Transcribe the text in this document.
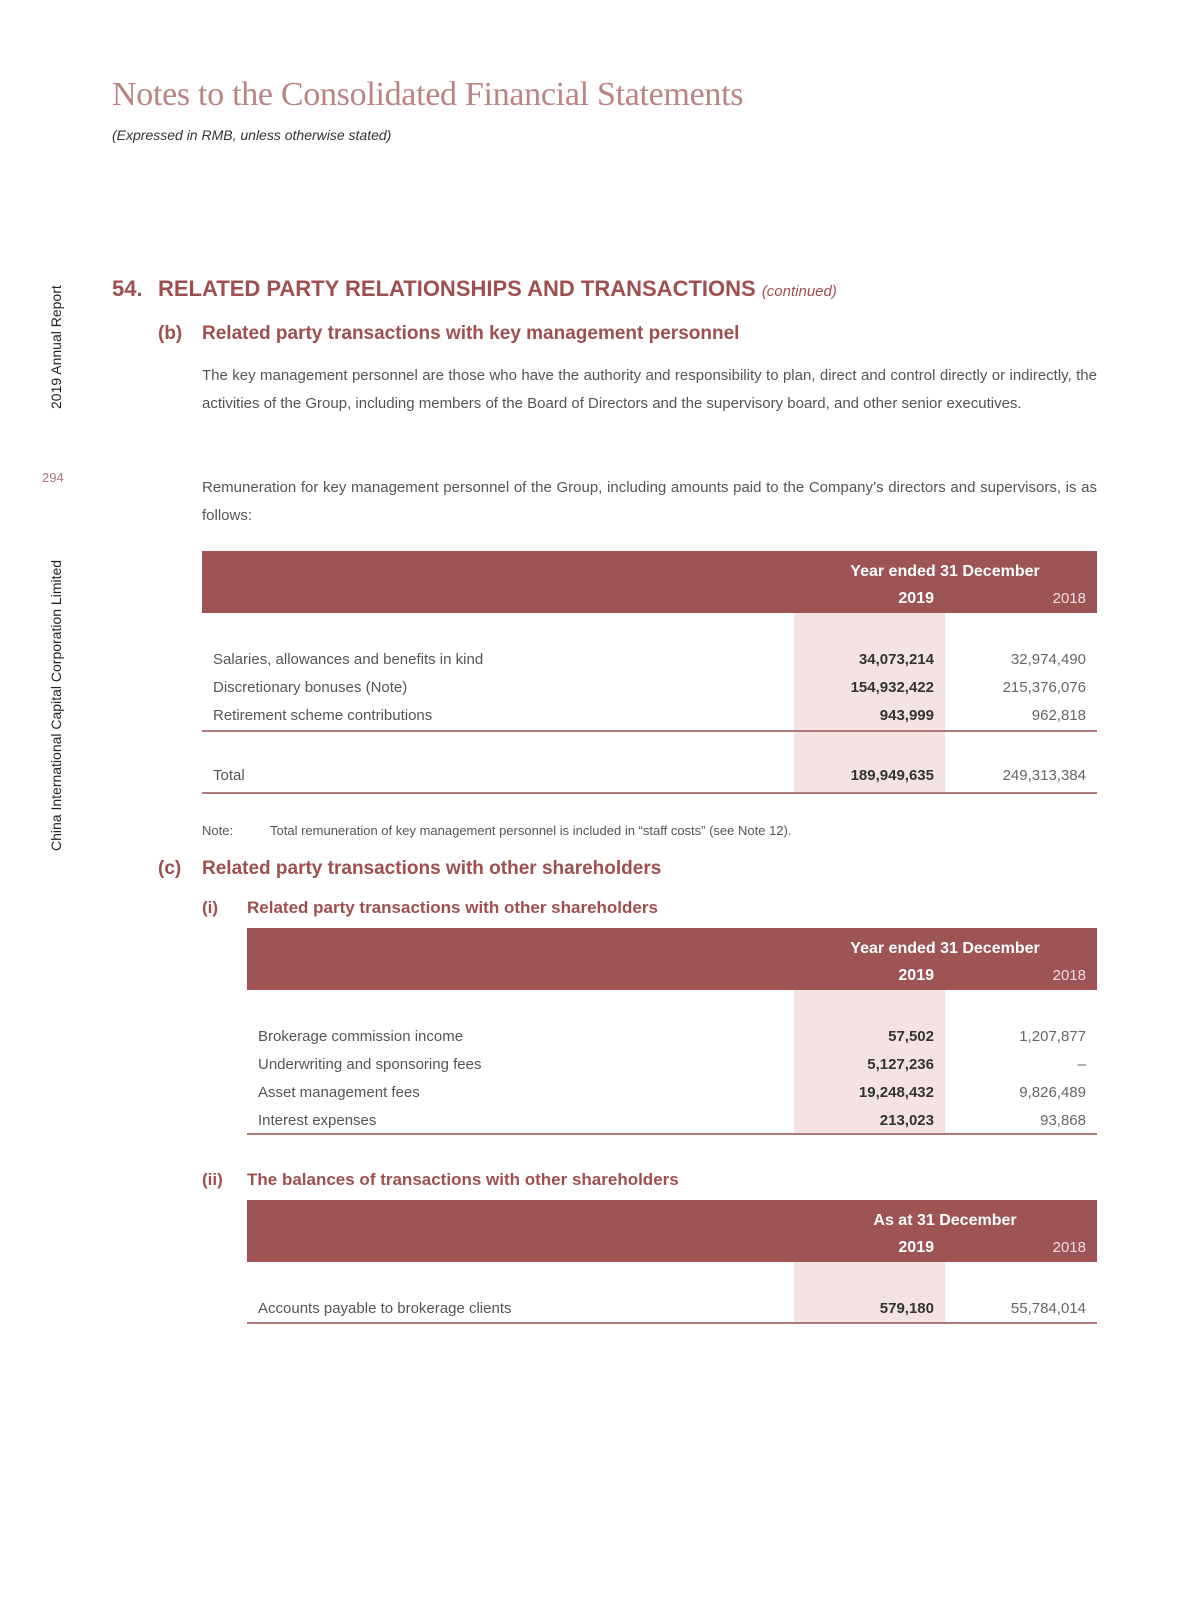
2019 Annual Report
294
China International Capital Corporation Limited
Notes to the Consolidated Financial Statements
(Expressed in RMB, unless otherwise stated)
54. RELATED PARTY RELATIONSHIPS AND TRANSACTIONS (continued)
(b) Related party transactions with key management personnel
The key management personnel are those who have the authority and responsibility to plan, direct and control directly or indirectly, the activities of the Group, including members of the Board of Directors and the supervisory board, and other senior executives.
Remuneration for key management personnel of the Group, including amounts paid to the Company’s directors and supervisors, is as follows:
Year ended 31 December
2019	2018
Salaries, allowances and benefits in kind	34,073,214	32,974,490
Discretionary bonuses (Note)	154,932,422	215,376,076
Retirement scheme contributions	943,999	962,818
Total	189,949,635	249,313,384
Note:	Total remuneration of key management personnel is included in “staff costs” (see Note 12).
(c) Related party transactions with other shareholders
(i) Related party transactions with other shareholders
Year ended 31 December
2019	2018
Brokerage commission income	57,502	1,207,877
Underwriting and sponsoring fees	5,127,236	–
Asset management fees	19,248,432	9,826,489
Interest expenses	213,023	93,868
(ii) The balances of transactions with other shareholders
As at 31 December
2019	2018
Accounts payable to brokerage clients	579,180	55,784,014
